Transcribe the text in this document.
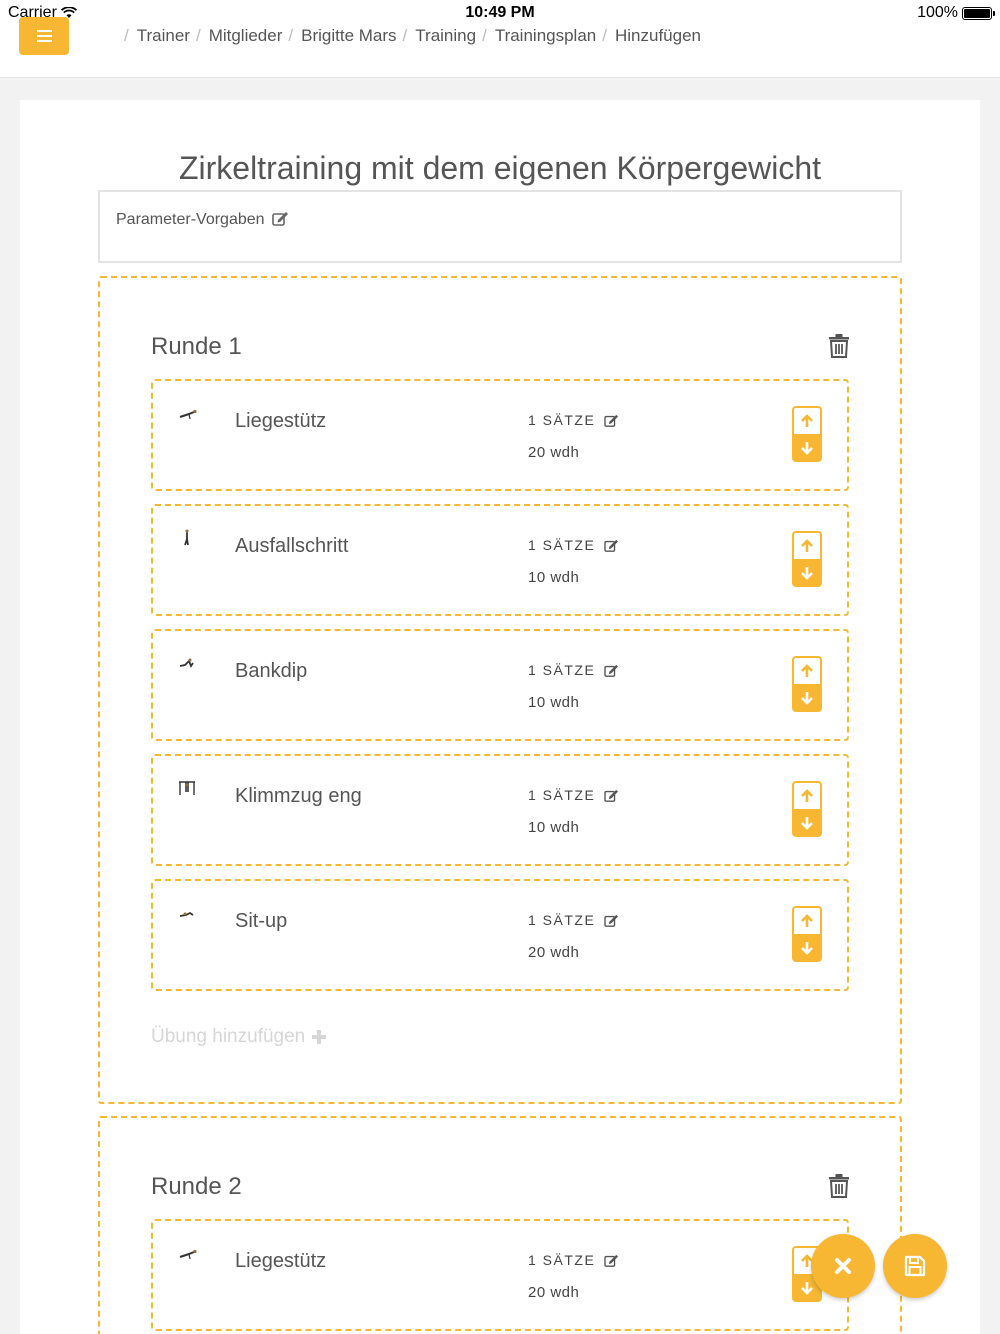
/ Trainer / Mitglieder / Brigitte Mars / Training / Trainingsplan / Hinzufügen
Carrier	10:49 PM	100%
Zirkeltraining mit dem eigenen Körpergewicht
Parameter-Vorgaben
Runde 1
Liegestütz	1 SÄTZE
20 wdh
Ausfallschritt	1 SÄTZE
10 wdh
Bankdip	1 SÄTZE
10 wdh
Klimmzug eng	1 SÄTZE
10 wdh
Sit-up	1 SÄTZE
20 wdh
Übung hinzufügen
Runde 2
Liegestütz	1 SÄTZE
20 wdh
